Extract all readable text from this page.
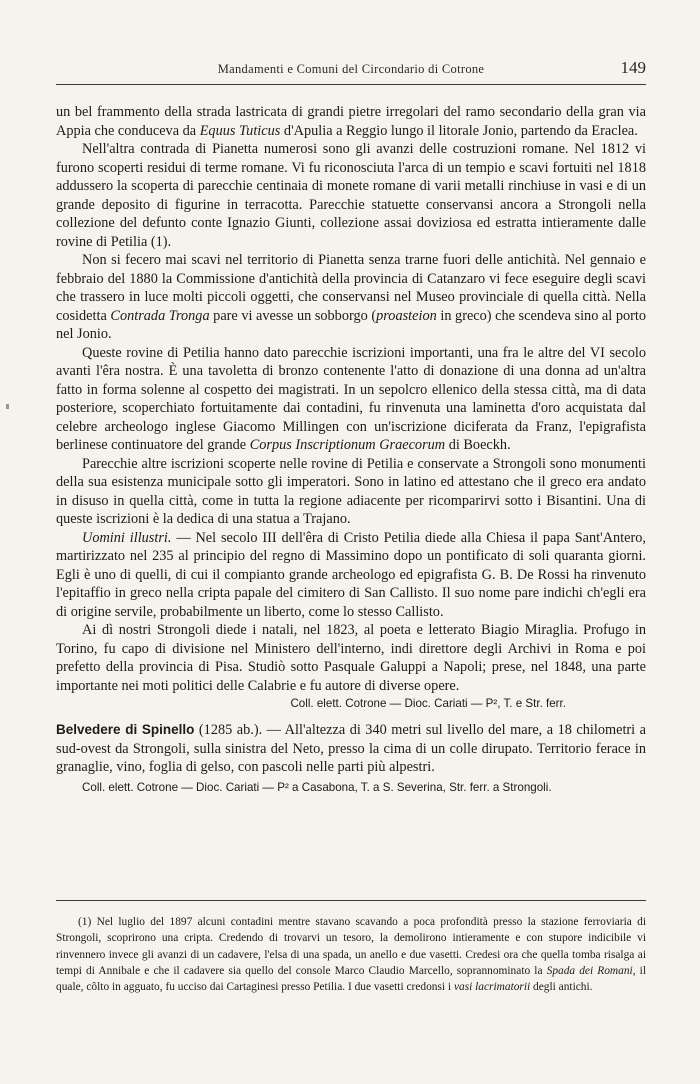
Mandamenti e Comuni del Circondario di Cotrone	149

un bel frammento della strada lastricata di grandi pietre irregolari del ramo secondario della gran via Appia che conduceva da Equus Tuticus d'Apulia a Reggio lungo il litorale Jonio, partendo da Eraclea.

Nell'altra contrada di Pianetta numerosi sono gli avanzi delle costruzioni romane. Nel 1812 vi furono scoperti residui di terme romane. Vi fu riconosciuta l'arca di un tempio e scavi fortuiti nel 1818 addussero la scoperta di parecchie centinaia di monete romane di varii metalli rinchiuse in vasi e di un grande deposito di figurine in terracotta. Parecchie statuette conservansi ancora a Strongoli nella collezione del defunto conte Ignazio Giunti, collezione assai doviziosa ed estratta intieramente dalle rovine di Petilia (1).

Non si fecero mai scavi nel territorio di Pianetta senza trarne fuori delle antichità. Nel gennaio e febbraio del 1880 la Commissione d'antichità della provincia di Catanzaro vi fece eseguire degli scavi che trassero in luce molti piccoli oggetti, che conservansi nel Museo provinciale di quella città. Nella cosidetta Contrada Tronga pare vi avesse un sobborgo (proasteion in greco) che scendeva sino al porto nel Jonio.

Queste rovine di Petilia hanno dato parecchie iscrizioni importanti, una fra le altre del VI secolo avanti l'êra nostra. È una tavoletta di bronzo contenente l'atto di donazione di una donna ad un'altra fatto in forma solenne al cospetto dei magistrati. In un sepolcro ellenico della stessa città, ma di data posteriore, scoperchiato fortuitamente dai contadini, fu rinvenuta una laminetta d'oro acquistata dal celebre archeologo inglese Giacomo Millingen con un'iscrizione diciferata da Franz, l'epigrafista berlinese continuatore del grande Corpus Inscriptionum Graecorum di Boeckh.

Parecchie altre iscrizioni scoperte nelle rovine di Petilia e conservate a Strongoli sono monumenti della sua esistenza municipale sotto gli imperatori. Sono in latino ed attestano che il greco era andato in disuso in quella città, come in tutta la regione adiacente per ricomparirvi sotto i Bisantini. Una di queste iscrizioni è la dedica di una statua a Trajano.

Uomini illustri. — Nel secolo III dell'êra di Cristo Petilia diede alla Chiesa il papa Sant'Antero, martirizzato nel 235 al principio del regno di Massimino dopo un pontificato di soli quaranta giorni. Egli è uno di quelli, di cui il compianto grande archeologo ed epigrafista G. B. De Rossi ha rinvenuto l'epitaffio in greco nella cripta papale del cimitero di San Callisto. Il suo nome pare indichi ch'egli era di origine servile, probabilmente un liberto, come lo stesso Callisto.

Ai dì nostri Strongoli diede i natali, nel 1823, al poeta e letterato Biagio Miraglia. Profugo in Torino, fu capo di divisione nel Ministero dell'interno, indi direttore degli Archivi in Roma e poi prefetto della provincia di Pisa. Studiò sotto Pasquale Galuppi a Napoli; prese, nel 1848, una parte importante nei moti politici delle Calabrie e fu autore di diverse opere.

Coll. elett. Cotrone — Dioc. Cariati — P², T. e Str. ferr.

Belvedere di Spinello (1285 ab.). — All'altezza di 340 metri sul livello del mare, a 18 chilometri a sud-ovest da Strongoli, sulla sinistra del Neto, presso la cima di un colle dirupato. Territorio ferace in granaglie, vino, foglia di gelso, con pascoli nelle parti più alpestri.

Coll. elett. Cotrone — Dioc. Cariati — P² a Casabona, T. a S. Severina, Str. ferr. a Strongoli.

(1) Nel luglio del 1897 alcuni contadini mentre stavano scavando a poca profondità presso la stazione ferroviaria di Strongoli, scoprirono una cripta. Credendo di trovarvi un tesoro, la demolirono intieramente e con stupore indicibile vi rinvennero invece gli avanzi di un cadavere, l'elsa di una spada, un anello e due vasetti. Credesi ora che quella tomba risalga ai tempi di Annibale e che il cadavere sia quello del console Marco Claudio Marcello, soprannominato la Spada dei Romani, il quale, côlto in agguato, fu ucciso dai Cartaginesi presso Petilia. I due vasetti credonsi i vasi lacrimatorii degli antichi.
